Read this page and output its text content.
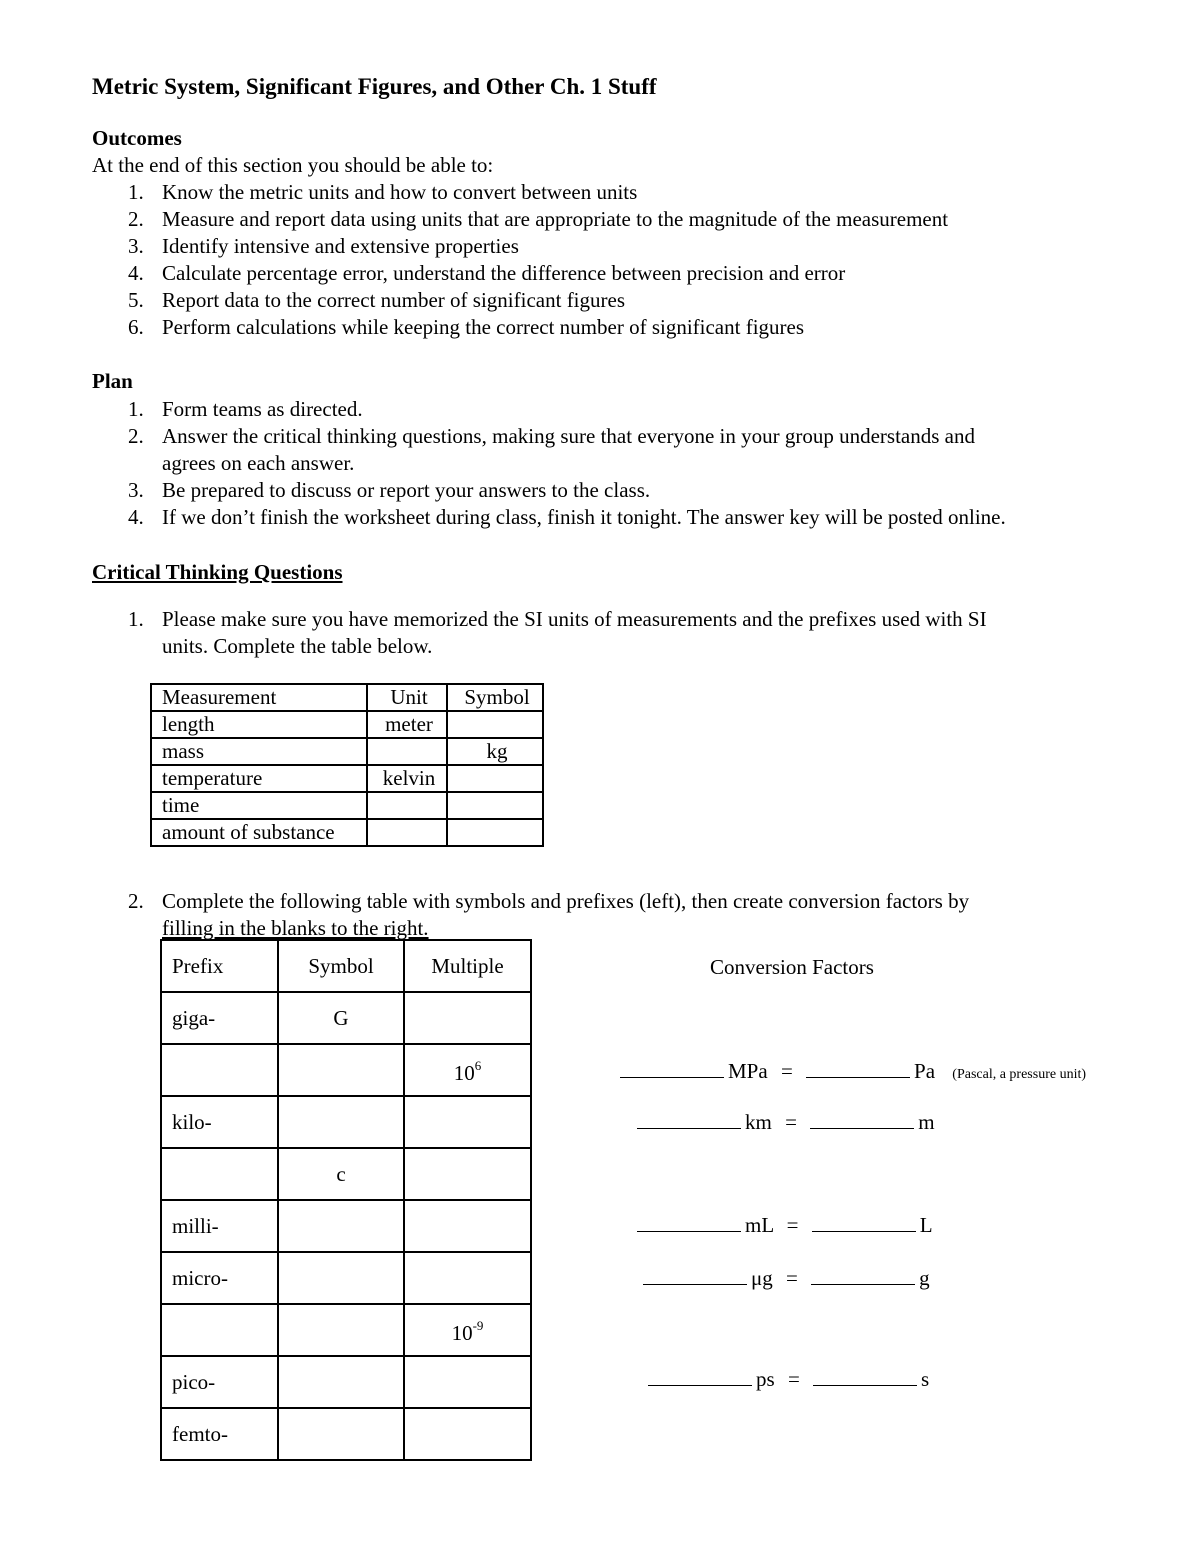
Metric System, Significant Figures, and Other Ch. 1 Stuff
Outcomes
At the end of this section you should be able to:
1. Know the metric units and how to convert between units
2. Measure and report data using units that are appropriate to the magnitude of the measurement
3. Identify intensive and extensive properties
4. Calculate percentage error, understand the difference between precision and error
5. Report data to the correct number of significant figures
6. Perform calculations while keeping the correct number of significant figures
Plan
1. Form teams as directed.
2. Answer the critical thinking questions, making sure that everyone in your group understands and
agrees on each answer.
3. Be prepared to discuss or report your answers to the class.
4. If we don’t finish the worksheet during class, finish it tonight. The answer key will be posted online.
Critical Thinking Questions
1. Please make sure you have memorized the SI units of measurements and the prefixes used with SI
units. Complete the table below.
Measurement	Unit	Symbol
length	meter	
mass		kg
temperature	kelvin	
time		
amount of substance		
2. Complete the following table with symbols and prefixes (left), then create conversion factors by
filling in the blanks to the right.
Prefix	Symbol	Multiple
giga-	G	
		$10^6$
kilo-		
	c	
milli-		
micro-		
		$10^{-9}$
pico-		
femto-		
Conversion Factors
MPa =	Pa (Pascal, a pressure unit)
km =	m
mL =	L
μg =	g
ps =	s
